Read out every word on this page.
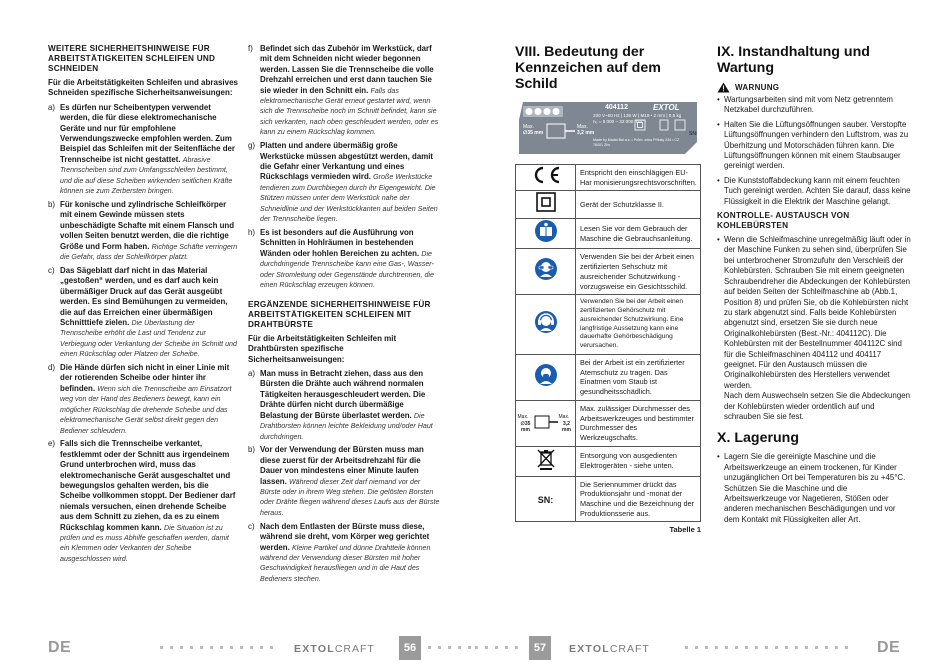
WEITERE SICHERHEITSHINWEISE FÜR ARBEITSTÄTIGKEITEN SCHLEIFEN UND SCHNEIDEN
Für die Arbeitstätigkeiten Schleifen und abrasives Schneiden spezifische Sicherheitsanweisungen:
a) Es dürfen nur Scheibentypen verwendet werden, die für diese elektromechanische Geräte und nur für empfohlene Verwendungszwecke empfohlen werden. Zum Beispiel das Schleifen mit der Seitenfläche der Trennscheibe ist nicht gestattet. Abrasive Trennscheiben sind zum Umfangsschleifen bestimmt, und die auf diese Scheiben wirkenden seitlichen Kräfte können sie zum Zerbersten bringen.
b) Für konische und zylindrische Schleifkörper mit einem Gewinde müssen stets unbeschädigte Schafte mit einem Flansch und vollen Seiten benutzt werden, die die richtige Größe und Form haben. Richtige Schäfte verringern die Gefahr, dass der Schleifkörper platzt.
c) Das Sägeblatt darf nicht in das Material „gestoßen“ werden, und es darf auch kein übermäßiger Druck auf das Gerät ausgeübt werden. Es sind Bemühungen zu vermeiden, die auf das Erreichen einer übermäßigen Schnitttiefe zielen. Die Überlastung der Trennscheibe erhöht die Last und Tendenz zur Verbiegung oder Verkantung der Scheibe im Schnitt und einen Rückschlag oder Platzen der Scheibe.
d) Die Hände dürfen sich nicht in einer Linie mit der rotierenden Scheibe oder hinter ihr befinden. Wenn sich die Trennscheibe am Einsatzort weg von der Hand des Bedieners bewegt, kann ein möglicher Rückschlag die drehende Scheibe und das elektromechanische Gerät selbst direkt gegen den Bediener schleudern.
e) Falls sich die Trennscheibe verkantet, festklemmt oder der Schnitt aus irgendeinem Grund unterbrochen wird, muss das elektromechanische Gerät ausgeschaltet und bewegungslos gehalten werden, bis die Scheibe vollkommen stoppt. Der Bediener darf niemals versuchen, einen drehende Scheibe aus dem Schnitt zu ziehen, da es zu einem Rückschlag kommen kann. Die Situation ist zu prüfen und es muss Abhilfe geschaffen werden, damit ein Klemmen oder Verkanten der Scheibe ausgeschlossen wird.
f) Befindet sich das Zubehör im Werkstück, darf mit dem Schneiden nicht wieder begonnen werden. Lassen Sie die Trennscheibe die volle Drehzahl erreichen und erst dann tauchen Sie sie wieder in den Schnitt ein. Falls das elektromechanische Gerät erneut gestartet wird, wenn sich die Trennscheibe noch im Schnitt befindet, kann sie sich verkanten, nach oben geschleudert werden, oder es kann zu einem Rückschlag kommen.
g) Platten und andere übermäßig große Werkstücke müssen abgestützt werden, damit die Gefahr einer Verkantung und eines Rückschlags vermieden wird. Große Werkstücke tendieren zum Durchbiegen durch ihr Eigengewicht. Die Stützen müssen unter dem Werkstück nahe der Schneidlinie und der Werkstückkanten auf beiden Seiten der Trennscheibe liegen.
h) Es ist besonders auf die Ausführung von Schnitten in Hohlräumen in bestehenden Wänden oder hohlen Bereichen zu achten. Die durchdringende Trennscheibe kann eine Gas-, Wasser- oder Stromleitung oder Gegenstände durchtrennen, die einen Rückschlag erzeugen können.
ERGÄNZENDE SICHERHEITSHINWEISE FÜR ARBEITSTÄTIGKEITEN SCHLEIFEN MIT DRAHTBÜRSTE
Für die Arbeitstätigkeiten Schleifen mit Drahtbürsten spezifische Sicherheitsanweisungen:
a) Man muss in Betracht ziehen, dass aus den Bürsten die Drähte auch während normalen Tätigkeiten herausgeschleudert werden. Die Drähte dürfen nicht durch übermäßige Belastung der Bürste überlastet werden. Die Drahtborsten können leichte Bekleidung und/oder Haut durchdringen.
b) Vor der Verwendung der Bürsten muss man diese zuerst für der Arbeitsdrehzahl für die Dauer von mindestens einer Minute laufen lassen. Während dieser Zeit darf niemand vor der Bürste oder in ihrem Weg stehen. Die gelösten Borsten oder Drähte fliegen während dieses Laufs aus der Bürste heraus.
c) Nach dem Entlasten der Bürste muss diese, während sie dreht, vom Körper weg gerichtet werden. Kleine Partikel und dünne Drahtteile können während der Verwendung dieser Bürsten mit hoher Geschwindigkeit herausfliegen und in die Haut des Bedieners stechen.
DE	EXTOLCRAFT	56
VIII. Bedeutung der Kennzeichen auf dem Schild
404112	EXTOL
230 V~50 Hz | 135 W | M19 • 2 mm | 0,5 kg
n₀ = 8 000 – 32 000 min⁻¹
Max.
∅35 mm
Max.
3,2 mm	SN:
Made by Madal Bal a.s. • Prům. zóna Příluky 244 • CZ 76001 Zlín
	Entspricht den einschlägigen EU-Har monisierungsrechtsvorschriften.
	Gerät der Schutzklasse II.
	Lesen Sie vor dem Gebrauch der Maschine die Gebrauchsanleitung.
	Verwenden Sie bei der Arbeit einen zertifizierten Sehschutz mit ausreichender Schutzwirkung - vorzugsweise ein Gesichtsschild.
	Verwenden Sie bei der Arbeit einen zertifizierten Gehörschutz mit ausreichender Schutzwirkung. Eine langfristige Aussetzung kann eine dauerhafte Gehörbeschädigung verursachen.
	Bei der Arbeit ist ein zertifizierter Atemschutz zu tragen. Das Einatmen vom Staub ist gesundheitsschädlich.

Max.
∅35 mm
Max.
3,2 mm	Max. zulässiger Durchmesser des Arbeitswerkzeuges und bestimmter Durchmesser des Werkzeugschafts.
	Entsorgung von ausgedienten Elektrogeräten - siehe unten.
SN:	Die Seriennummer drückt das Produktionsjahr und -monat der Maschine und die Bezeichnung der Produktionsserie aus.
Tabelle 1
IX. Instandhaltung und Wartung
WARNUNG
• Wartungsarbeiten sind mit vom Netz getrenntem Netzkabel durchzuführen.
• Halten Sie die Lüftungsöffnungen sauber. Verstopfte Lüftungsöffnungen verhindern den Luftstrom, was zu Überhitzung und Motorschäden führen kann. Die Lüftungsöffnungen können mit einem Staubsauger gereinigt werden.
• Die Kunststoffabdeckung kann mit einem feuchten Tuch gereinigt werden. Achten Sie darauf, dass keine Flüssigkeit in die Elektrik der Maschine gelangt.
KONTROLLE- AUSTAUSCH VON KOHLEBÜRSTEN
• Wenn die Schleifmaschine unregelmäßig läuft oder in der Maschine Funken zu sehen sind, überprüfen Sie bei unterbrochener Stromzufuhr den Verschleiß der Kohlebürsten. Schrauben Sie mit einem geeigneten Schraubendreher die Abdeckungen der Kohlebürsten auf beiden Seiten der Schleifmaschine ab (Abb.1, Position 8) und prüfen Sie, ob die Kohlebürsten nicht zu stark abgenutzt sind. Falls beide Kohlebürsten abgenutzt sind, ersetzen Sie sie durch neue Originalkohlebürsten (Best.-Nr.: 404112C). Die Kohlebürsten mit der Bestellnummer 404112C sind für die Schleifmaschinen 404112 und 404117 geeignet. Für den Austausch müssen die Originalkohlebürsten des Herstellers verwendet werden.
Nach dem Auswechseln setzen Sie die Abdeckungen der Kohlebürsten wieder ordentlich auf und schrauben Sie sie fest.
X. Lagerung
• Lagern Sie die gereinigte Maschine und die Arbeitswerkzeuge an einem trockenen, für Kinder unzugänglichen Ort bei Temperaturen bis zu +45°C. Schützen Sie die Maschine und die Arbeitswerkzeuge vor Nagetieren, Stößen oder anderen mechanischen Beschädigungen und vor dem Kontakt mit Flüssigkeiten aller Art.
57	EXTOLCRAFT	DE
